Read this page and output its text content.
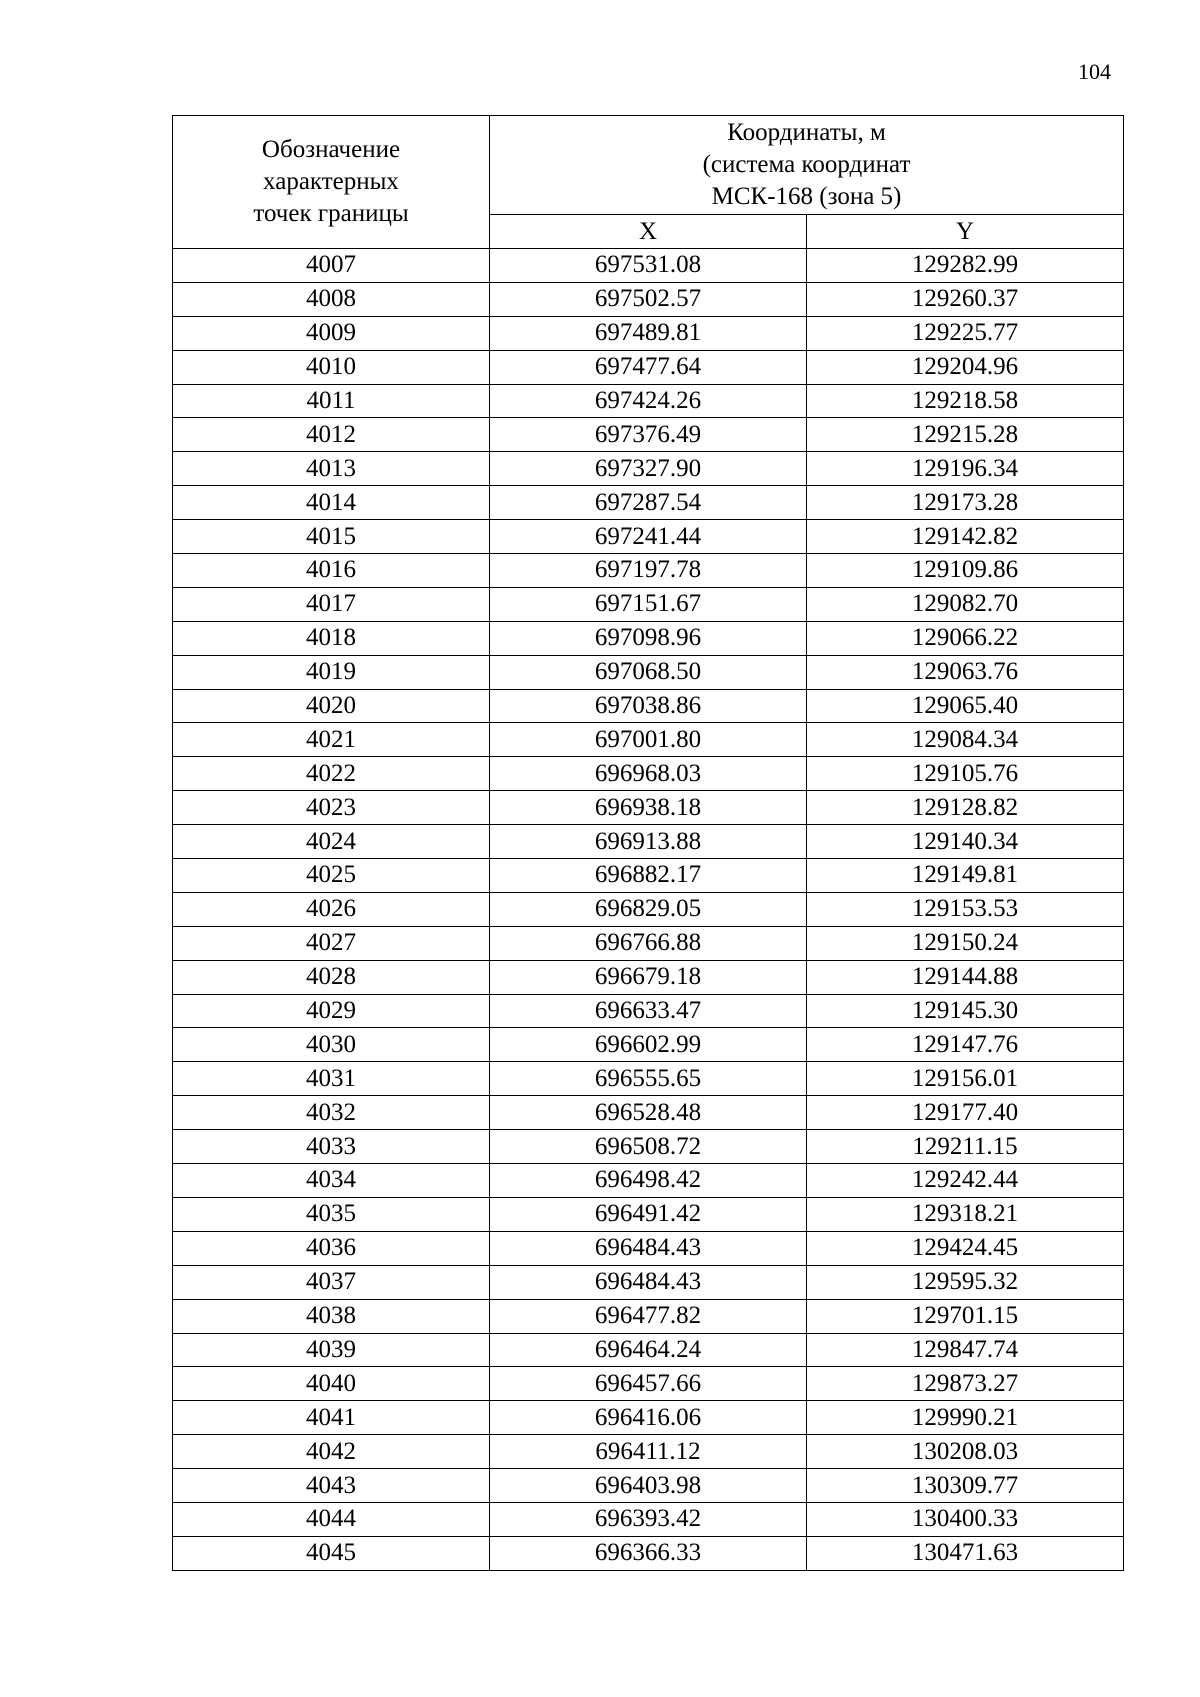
104
Обозначение
характерных
точек границы	Координаты, м
(система координат
МСК-168 (зона 5)	

	X	Y
4007	697531.08	129282.99
4008	697502.57	129260.37
4009	697489.81	129225.77
4010	697477.64	129204.96
4011	697424.26	129218.58
4012	697376.49	129215.28
4013	697327.90	129196.34
4014	697287.54	129173.28
4015	697241.44	129142.82
4016	697197.78	129109.86
4017	697151.67	129082.70
4018	697098.96	129066.22
4019	697068.50	129063.76
4020	697038.86	129065.40
4021	697001.80	129084.34
4022	696968.03	129105.76
4023	696938.18	129128.82
4024	696913.88	129140.34
4025	696882.17	129149.81
4026	696829.05	129153.53
4027	696766.88	129150.24
4028	696679.18	129144.88
4029	696633.47	129145.30
4030	696602.99	129147.76
4031	696555.65	129156.01
4032	696528.48	129177.40
4033	696508.72	129211.15
4034	696498.42	129242.44
4035	696491.42	129318.21
4036	696484.43	129424.45
4037	696484.43	129595.32
4038	696477.82	129701.15
4039	696464.24	129847.74
4040	696457.66	129873.27
4041	696416.06	129990.21
4042	696411.12	130208.03
4043	696403.98	130309.77
4044	696393.42	130400.33
4045	696366.33	130471.63
